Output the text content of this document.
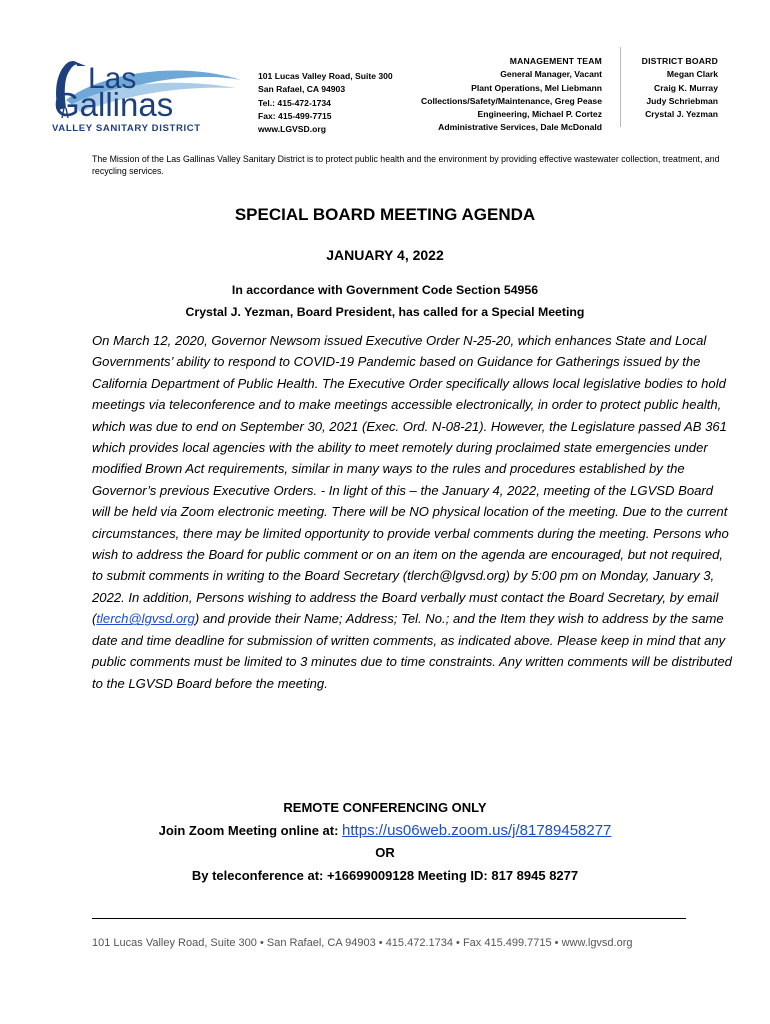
Las
Gallinas
VALLEY SANITARY DISTRICT
101 Lucas Valley Road, Suite 300
San Rafael, CA 94903
Tel.: 415-472-1734
Fax: 415-499-7715
www.LGVSD.org
MANAGEMENT TEAM
General Manager, Vacant
Plant Operations, Mel Liebmann
Collections/Safety/Maintenance, Greg Pease
Engineering, Michael P. Cortez
Administrative Services, Dale McDonald
DISTRICT BOARD
Megan Clark
Craig K. Murray
Judy Schriebman
Crystal J. Yezman
The Mission of the Las Gallinas Valley Sanitary District is to protect public health and the environment by providing effective wastewater collection, treatment, and recycling services.
SPECIAL BOARD MEETING AGENDA
JANUARY 4, 2022
In accordance with Government Code Section 54956
Crystal J. Yezman, Board President, has called for a Special Meeting
On March 12, 2020, Governor Newsom issued Executive Order N-25-20, which enhances State and Local Governments’ ability to respond to COVID-19 Pandemic based on Guidance for Gatherings issued by the California Department of Public Health. The Executive Order specifically allows local legislative bodies to hold meetings via teleconference and to make meetings accessible electronically, in order to protect public health, which was due to end on September 30, 2021 (Exec. Ord. N-08-21). However, the Legislature passed AB 361 which provides local agencies with the ability to meet remotely during proclaimed state emergencies under modified Brown Act requirements, similar in many ways to the rules and procedures established by the Governor’s previous Executive Orders. - In light of this – the January 4, 2022, meeting of the LGVSD Board will be held via Zoom electronic meeting. There will be NO physical location of the meeting. Due to the current circumstances, there may be limited opportunity to provide verbal comments during the meeting. Persons who wish to address the Board for public comment or on an item on the agenda are encouraged, but not required, to submit comments in writing to the Board Secretary (tlerch@lgvsd.org) by 5:00 pm on Monday, January 3, 2022. In addition, Persons wishing to address the Board verbally must contact the Board Secretary, by email (tlerch@lgvsd.org) and provide their Name; Address; Tel. No.; and the Item they wish to address by the same date and time deadline for submission of written comments, as indicated above. Please keep in mind that any public comments must be limited to 3 minutes due to time constraints. Any written comments will be distributed to the LGVSD Board before the meeting.
REMOTE CONFERENCING ONLY
Join Zoom Meeting online at: https://us06web.zoom.us/j/81789458277
OR
By teleconference at: +16699009128 Meeting ID: 817 8945 8277
101 Lucas Valley Road, Suite 300 • San Rafael, CA 94903 • 415.472.1734 • Fax 415.499.7715 • www.lgvsd.org
